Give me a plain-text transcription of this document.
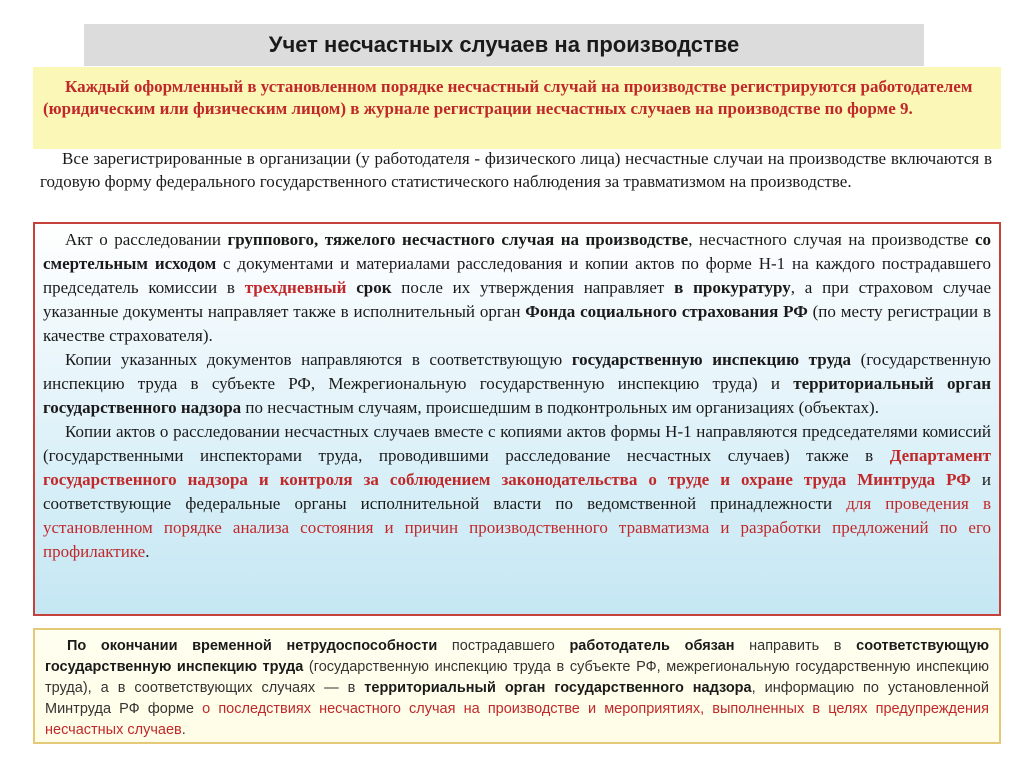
Учет несчастных случаев на производстве
Каждый оформленный в установленном порядке несчастный случай на производстве регистрируются работодателем (юридическим или физическим лицом) в журнале регистрации несчастных случаев на производстве по форме 9.
Все зарегистрированные в организации (у работодателя - физического лица) несчастные случаи на производстве включаются в годовую форму федерального государственного статистического наблюдения за травматизмом на производстве.

Акт о расследовании группового, тяжелого несчастного случая на производстве, несчастного случая на производстве со смертельным исходом с документами и материалами расследования и копии актов по форме Н-1 на каждого пострадавшего председатель комиссии в трехдневный срок после их утверждения направляет в прокуратуру, а при страховом случае указанные документы направляет также в исполнительный орган Фонда социального страхования РФ (по месту регистрации в качестве страхователя).

Копии указанных документов направляются в соответствующую государственную инспекцию труда (государственную инспекцию труда в субъекте РФ, Межрегиональную государственную инспекцию труда) и территориальный орган государственного надзора по несчастным случаям, происшедшим в подконтрольных им организациях (объектах).

Копии актов о расследовании несчастных случаев вместе с копиями актов формы Н-1 направляются председателями комиссий (государственными инспекторами труда, проводившими расследование несчастных случаев) также в Департамент государственного надзора и контроля за соблюдением законодательства о труде и охране труда Минтруда РФ и соответствующие федеральные органы исполнительной власти по ведомственной принадлежности для проведения в установленном порядке анализа состояния и причин производственного травматизма и разработки предложений по его профилактике.

По окончании временной нетрудоспособности пострадавшего работодатель обязан направить в соответствующую государственную инспекцию труда (государственную инспекцию труда в субъекте РФ, межрегиональную государственную инспекцию труда), а в соответствующих случаях — в территориальный орган государственного надзора, информацию по установленной Минтруда РФ форме о последствиях несчастного случая на производстве и мероприятиях, выполненных в целях предупреждения несчастных случаев.
